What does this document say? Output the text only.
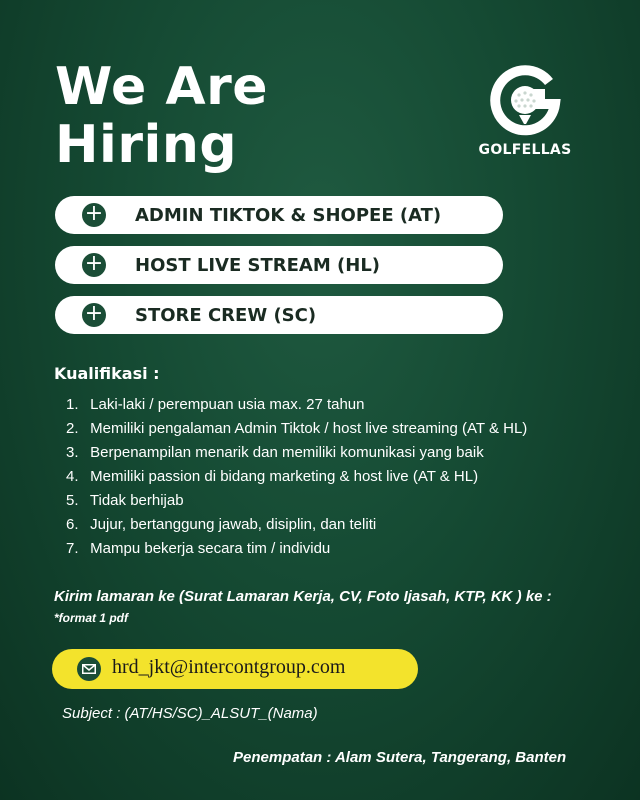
We Are
Hiring	GOLFELLAS
+ ADMIN TIKTOK & SHOPEE (AT)
+ HOST LIVE STREAM (HL)
+ STORE CREW (SC)
Kualifikasi :
1. Laki-laki / perempuan usia max. 27 tahun
2. Memiliki pengalaman Admin Tiktok / host live streaming (AT & HL)
3. Berpenampilan menarik dan memiliki komunikasi yang baik
4. Memiliki passion di bidang marketing & host live (AT & HL)
5. Tidak berhijab
6. Jujur, bertanggung jawab, disiplin, dan teliti
7. Mampu bekerja secara tim / individu
Kirim lamaran ke (Surat Lamaran Kerja, CV, Foto Ijasah, KTP, KK ) ke :
*format 1 pdf
hrd_jkt@intercontgroup.com
Subject : (AT/HS/SC)_ALSUT_(Nama)
Penempatan : Alam Sutera, Tangerang, Banten
